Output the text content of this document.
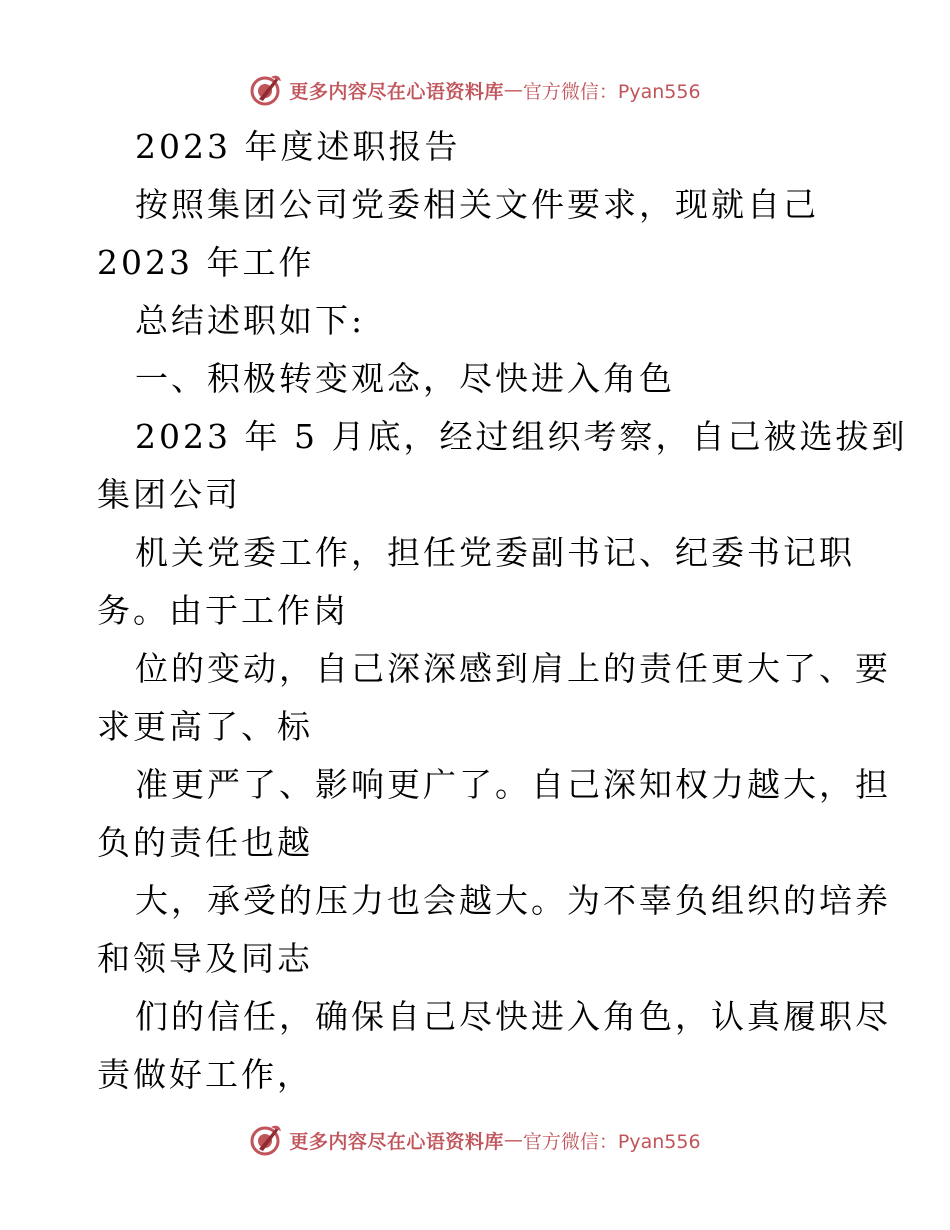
更多内容尽在心语资料库 — 官方微信：Pyan556
2023 年度述职报告
按照集团公司党委相关文件要求，现就自己
2023 年工作
总结述职如下:
一、积极转变观念，尽快进入角色
2023 年 5 月底，经过组织考察，自己被选拔到
集团公司
机关党委工作，担任党委副书记、纪委书记职
务。由于工作岗
位的变动，自己深深感到肩上的责任更大了、要
求更高了、标
准更严了、影响更广了。自己深知权力越大，担
负的责任也越
大，承受的压力也会越大。为不辜负组织的培养
和领导及同志
们的信任，确保自己尽快进入角色，认真履职尽
责做好工作，
更多内容尽在心语资料库 — 官方微信：Pyan556
